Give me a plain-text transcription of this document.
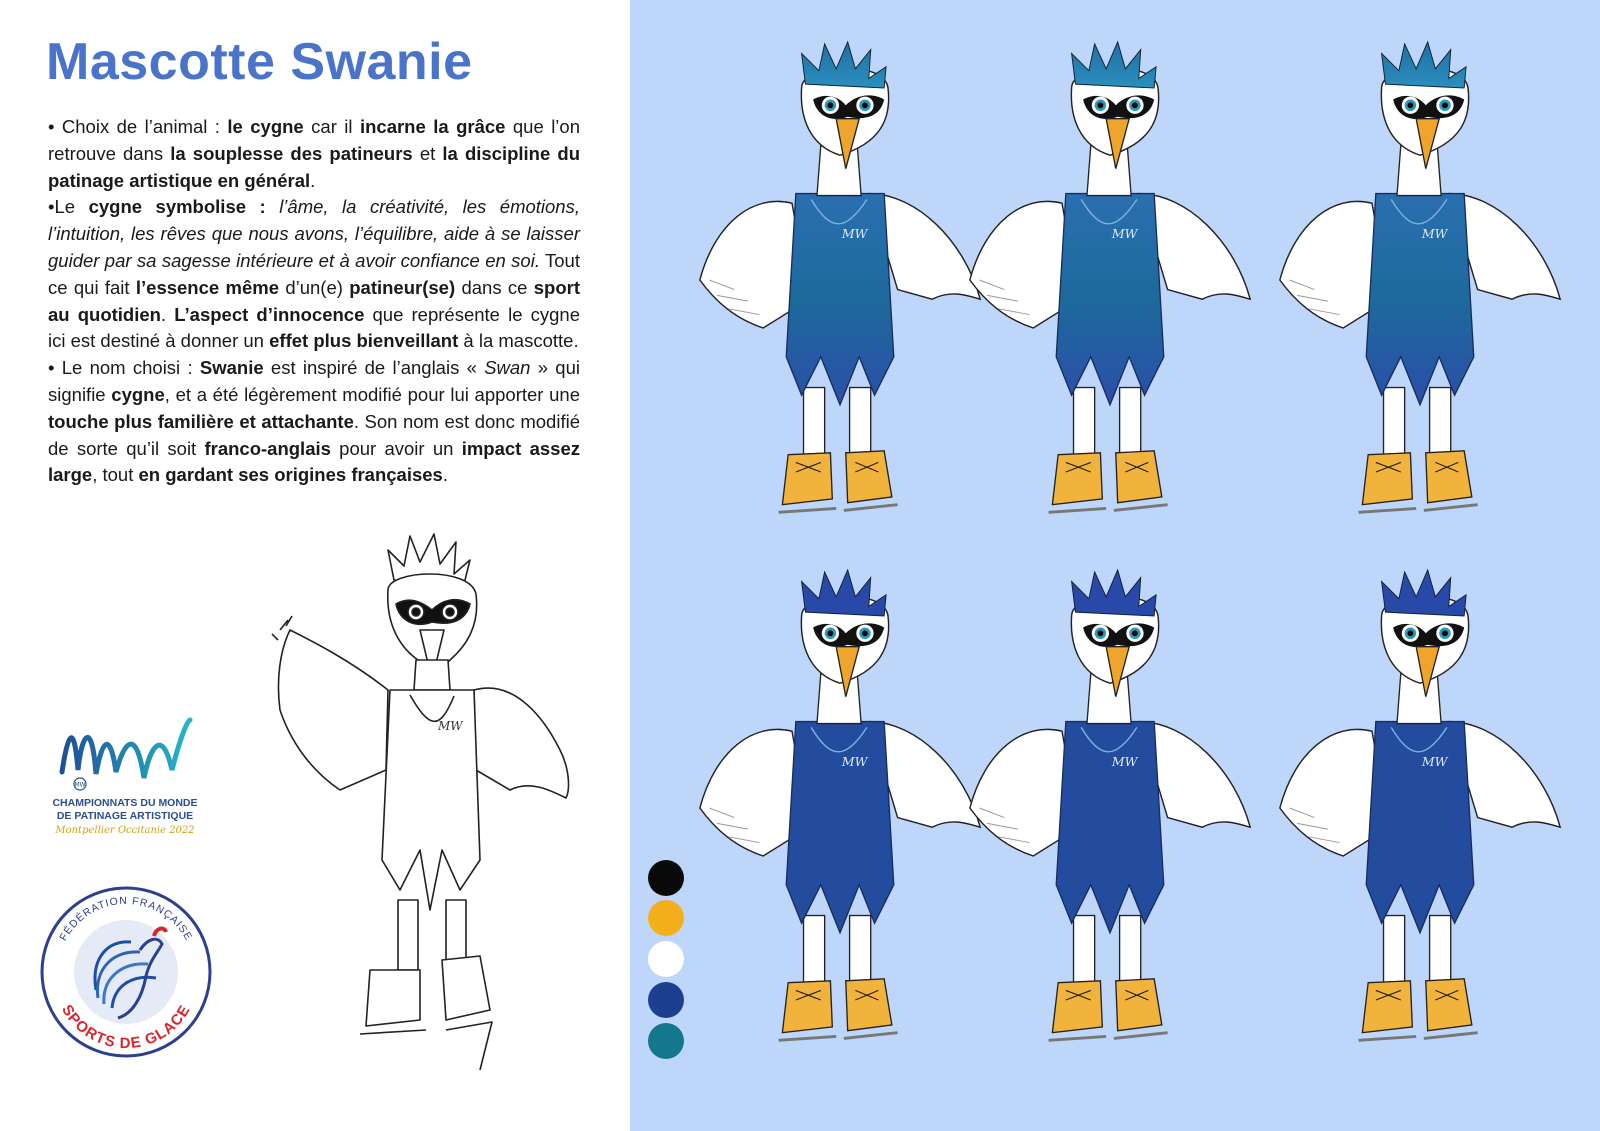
Mascotte Swanie

• Choix de l’animal : le cygne car il incarne la grâce que l’on retrouve dans la souplesse des patineurs et la discipline du patinage artistique en général.

•Le cygne symbolise : l’âme, la créativité, les émotions, l’intuition, les rêves que nous avons, l’équilibre, aide à se laisser guider par sa sagesse intérieure et à avoir confiance en soi. Tout ce qui fait l’essence même d’un(e) patineur(se) dans ce sport au quotidien. L’aspect d’innocence que représente le cygne ici est destiné à donner un effet plus bienveillant à la mascotte.

• Le nom choisi : Swanie est inspiré de l’anglais « Swan » qui signifie cygne, et a été légèrement modifié pour lui apporter une touche plus familière et attachante. Son nom est donc modifié de sorte qu’il soit franco-anglais pour avoir un impact assez large, tout en gardant ses origines françaises.

MW
CHAMPIONNATS DU MONDE
DE PATINAGE ARTISTIQUE
Montpellier Occitanie 2022
FÉDÉRATION FRANÇAISE
SPORTS DE GLACE
MW
